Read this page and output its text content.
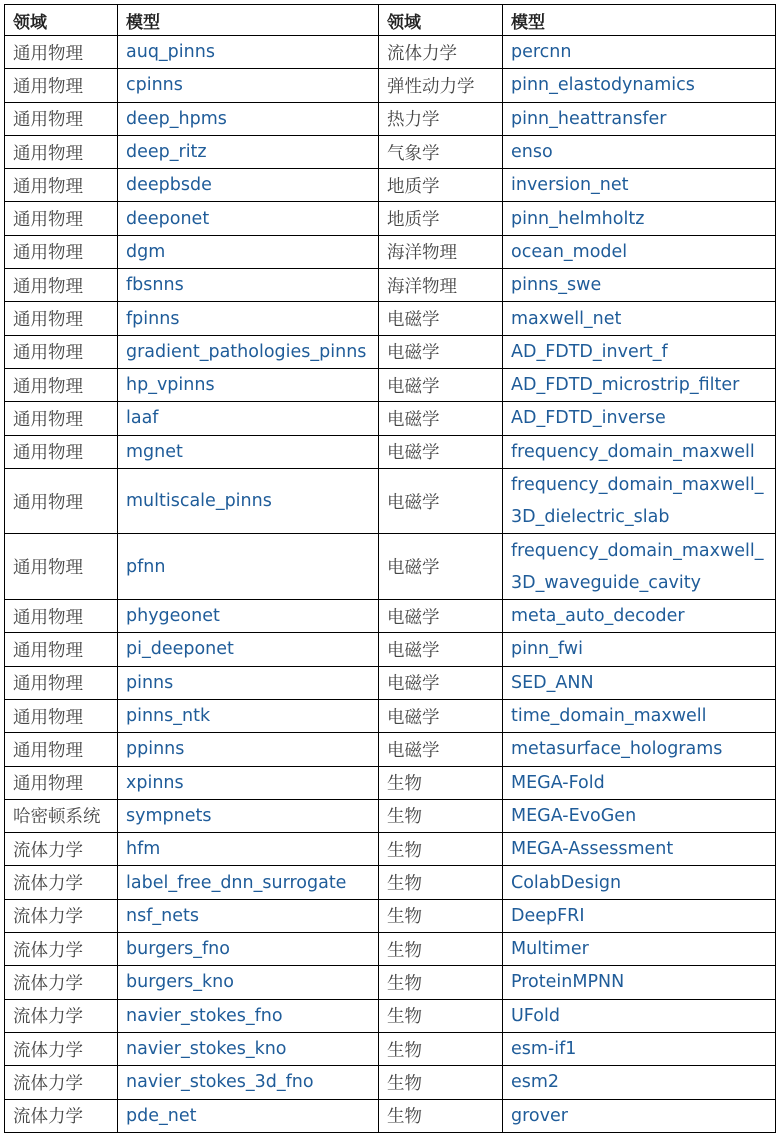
领域	模型	领域	模型
通用物理	auq_pinns	流体力学	percnn
通用物理	cpinns	弹性动力学	pinn_elastodynamics
通用物理	deep_hpms	热力学	pinn_heattransfer
通用物理	deep_ritz	气象学	enso
通用物理	deepbsde	地质学	inversion_net
通用物理	deeponet	地质学	pinn_helmholtz
通用物理	dgm	海洋物理	ocean_model
通用物理	fbsnns	海洋物理	pinns_swe
通用物理	fpinns	电磁学	maxwell_net
通用物理	gradient_pathologies_pinns	电磁学	AD_FDTD_invert_f
通用物理	hp_vpinns	电磁学	AD_FDTD_microstrip_filter
通用物理	laaf	电磁学	AD_FDTD_inverse
通用物理	mgnet	电磁学	frequency_domain_maxwell
通用物理	multiscale_pinns	电磁学	frequency_domain_maxwell_3D_dielectric_slab
通用物理	pfnn	电磁学	frequency_domain_maxwell_3D_waveguide_cavity
通用物理	phygeonet	电磁学	meta_auto_decoder
通用物理	pi_deeponet	电磁学	pinn_fwi
通用物理	pinns	电磁学	SED_ANN
通用物理	pinns_ntk	电磁学	time_domain_maxwell
通用物理	ppinns	电磁学	metasurface_holograms
通用物理	xpinns	生物	MEGA-Fold
哈密顿系统	sympnets	生物	MEGA-EvoGen
流体力学	hfm	生物	MEGA-Assessment
流体力学	label_free_dnn_surrogate	生物	ColabDesign
流体力学	nsf_nets	生物	DeepFRI
流体力学	burgers_fno	生物	Multimer
流体力学	burgers_kno	生物	ProteinMPNN
流体力学	navier_stokes_fno	生物	UFold
流体力学	navier_stokes_kno	生物	esm-if1
流体力学	navier_stokes_3d_fno	生物	esm2
流体力学	pde_net	生物	grover
